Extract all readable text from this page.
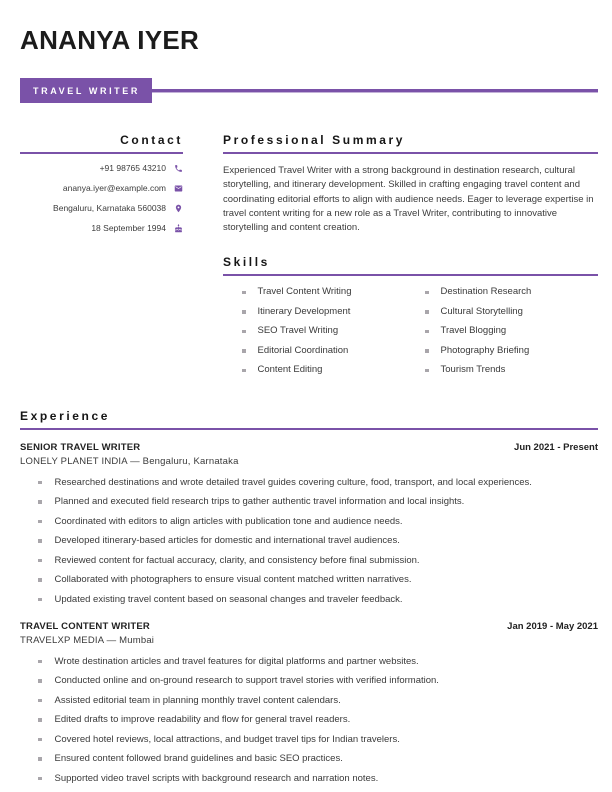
ANANYA IYER
TRAVEL WRITER
Contact
+91 98765 43210
ananya.iyer@example.com
Bengaluru, Karnataka 560038
18 September 1994
Professional Summary

Experienced Travel Writer with a strong background in destination research, cultural storytelling, and itinerary development. Skilled in crafting engaging travel content and coordinating editorial efforts to align with audience needs. Eager to leverage expertise in travel content writing for a new role as a Travel Writer, contributing to innovative storytelling and content creation.

Skills
Travel Content Writing	Destination Research
Itinerary Development	Cultural Storytelling
SEO Travel Writing	Travel Blogging
Editorial Coordination	Photography Briefing
Content Editing	Tourism Trends
Experience
SENIOR TRAVEL WRITER	Jun 2021 - Present
LONELY PLANET INDIA — Bengaluru, Karnataka
Researched destinations and wrote detailed travel guides covering culture, food, transport, and local experiences.
Planned and executed field research trips to gather authentic travel information and local insights.
Coordinated with editors to align articles with publication tone and audience needs.
Developed itinerary-based articles for domestic and international travel audiences.
Reviewed content for factual accuracy, clarity, and consistency before final submission.
Collaborated with photographers to ensure visual content matched written narratives.
Updated existing travel content based on seasonal changes and traveler feedback.
TRAVEL CONTENT WRITER	Jan 2019 - May 2021
TRAVELXP MEDIA — Mumbai
Wrote destination articles and travel features for digital platforms and partner websites.
Conducted online and on-ground research to support travel stories with verified information.
Assisted editorial team in planning monthly travel content calendars.
Edited drafts to improve readability and flow for general travel readers.
Covered hotel reviews, local attractions, and budget travel tips for Indian travelers.
Ensured content followed brand guidelines and basic SEO practices.
Supported video travel scripts with background research and narration notes.
